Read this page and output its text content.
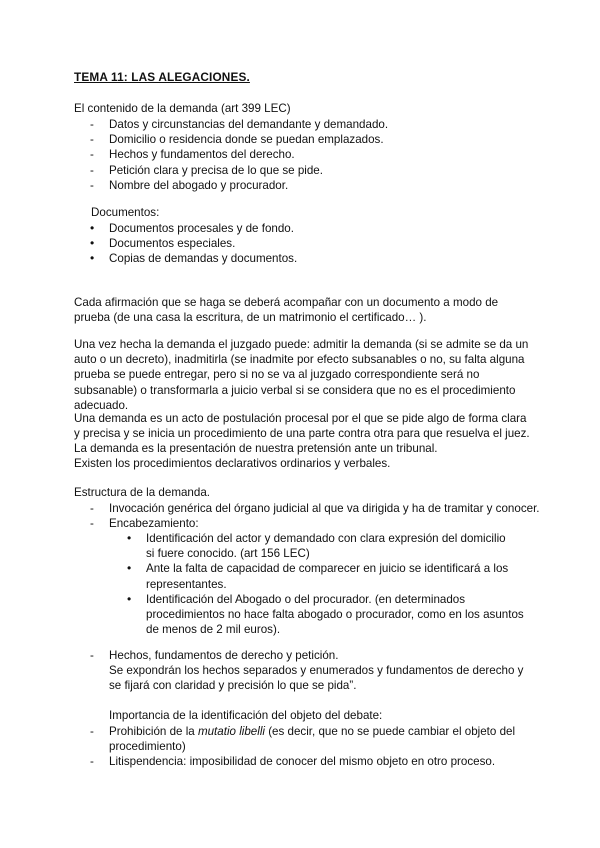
TEMA 11: LAS ALEGACIONES.
El contenido de la demanda (art 399 LEC)
- Datos y circunstancias del demandante y demandado.
- Domicilio o residencia donde se puedan emplazados.
- Hechos y fundamentos del derecho.
- Petición clara y precisa de lo que se pide.
- Nombre del abogado y procurador.
Documentos:
• Documentos procesales y de fondo.
• Documentos especiales.
• Copias de demandas y documentos.
Cada afirmación que se haga se deberá acompañar con un documento a modo de prueba (de una casa la escritura, de un matrimonio el certificado… ).
Una vez hecha la demanda el juzgado puede: admitir la demanda (si se admite se da un auto o un decreto), inadmitirla (se inadmite por efecto subsanables o no, su falta alguna prueba se puede entregar, pero si no se va al juzgado correspondiente será no subsanable) o transformarla a juicio verbal si se considera que no es el procedimiento adecuado.
Una demanda es un acto de postulación procesal por el que se pide algo de forma clara y precisa y se inicia un procedimiento de una parte contra otra para que resuelva el juez. La demanda es la presentación de nuestra pretensión ante un tribunal.
Existen los procedimientos declarativos ordinarios y verbales.
Estructura de la demanda.
- Invocación genérica del órgano judicial al que va dirigida y ha de tramitar y conocer.
- Encabezamiento:
• Identificación del actor y demandado con clara expresión del domicilio si fuere conocido. (art 156 LEC)
• Ante la falta de capacidad de comparecer en juicio se identificará a los representantes.
• Identificación del Abogado o del procurador. (en determinados procedimientos no hace falta abogado o procurador, como en los asuntos de menos de 2 mil euros).
- Hechos, fundamentos de derecho y petición.
Se expondrán los hechos separados y enumerados y fundamentos de derecho y se fijará con claridad y precisión lo que se pida”.
Importancia de la identificación del objeto del debate:
- Prohibición de la mutatio libelli (es decir, que no se puede cambiar el objeto del procedimiento)
- Litispendencia: imposibilidad de conocer del mismo objeto en otro proceso.
